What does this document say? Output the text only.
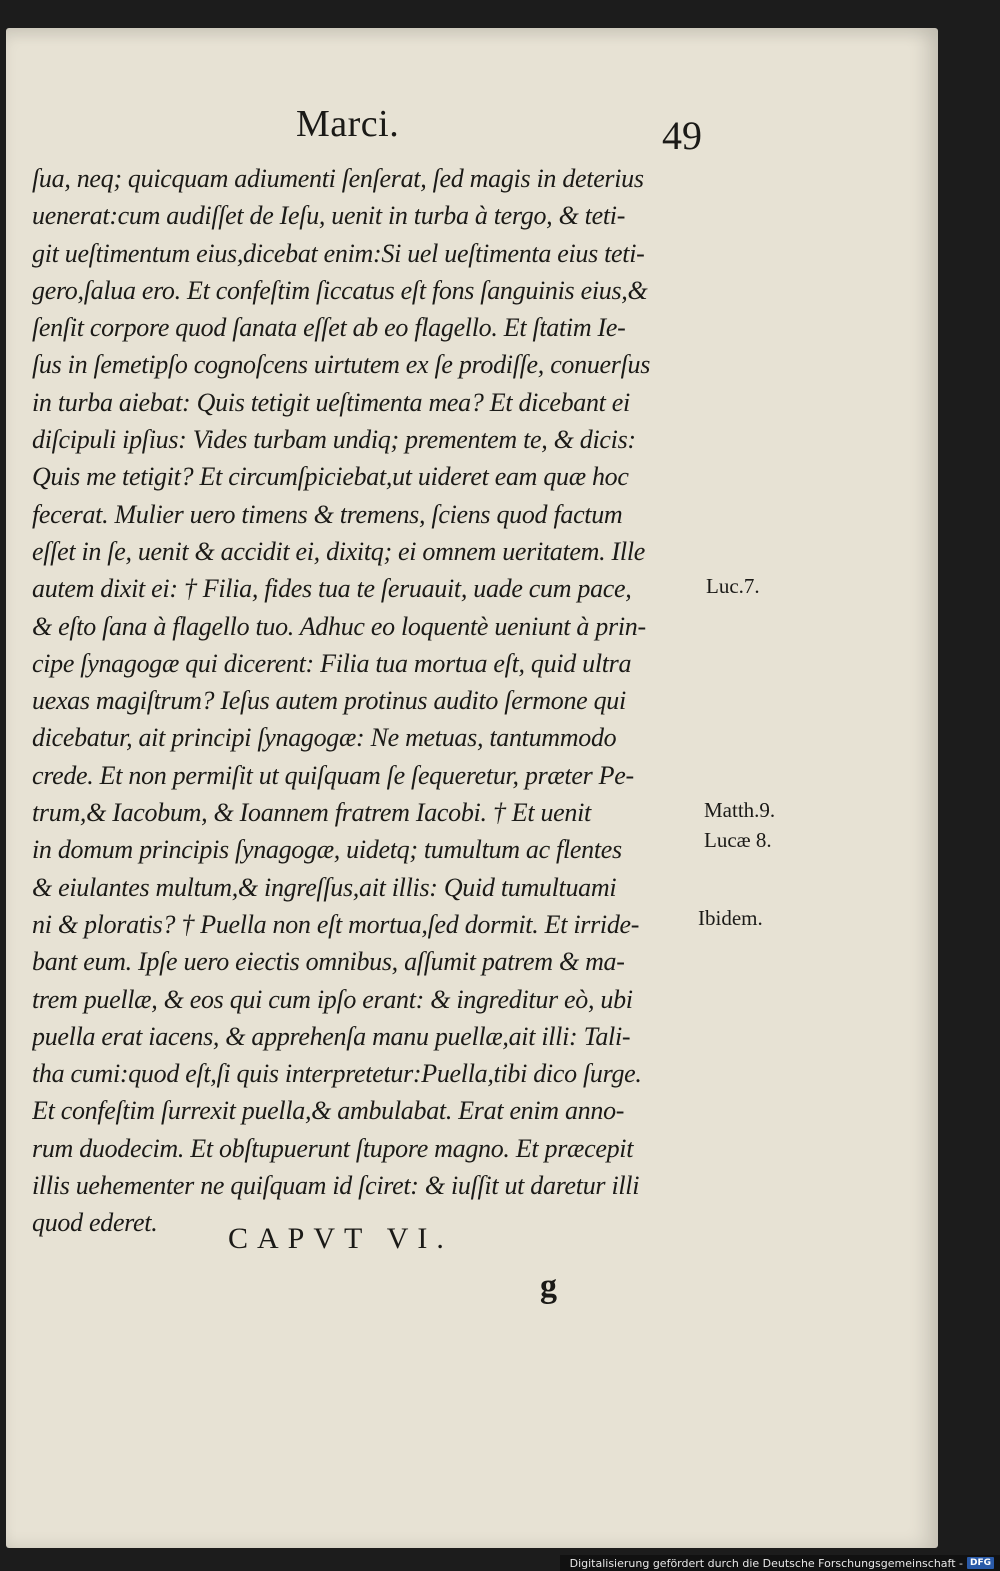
Marci.	49
ſua, neq; quicquam adiumenti ſenſerat, ſed magis in deterius
uenerat:cum audiſſet de Ieſu, uenit in turba à tergo, & teti-
git ueſtimentum eius,dicebat enim:Si uel ueſtimenta eius teti-
gero,ſalua ero. Et confeſtim ſiccatus eſt fons ſanguinis eius,&
ſenſit corpore quod ſanata eſſet ab eo flagello. Et ſtatim Ie-
ſus in ſemetipſo cognoſcens uirtutem ex ſe prodiſſe, conuerſus
in turba aiebat: Quis tetigit ueſtimenta mea? Et dicebant ei
diſcipuli ipſius: Vides turbam undiq; prementem te, & dicis:
Quis me tetigit? Et circumſpiciebat,ut uideret eam quæ hoc
fecerat. Mulier uero timens & tremens, ſciens quod factum
eſſet in ſe, uenit & accidit ei, dixitq; ei omnem ueritatem. Ille
autem dixit ei: † Filia, fides tua te ſeruauit, uade cum pace,
& eſto ſana à flagello tuo. Adhuc eo loquentè ueniunt à prin-
cipe ſynagogæ qui dicerent: Filia tua mortua eſt, quid ultra
uexas magiſtrum? Ieſus autem protinus audito ſermone qui
dicebatur, ait principi ſynagogæ: Ne metuas, tantummodo
crede. Et non permiſit ut quiſquam ſe ſequeretur, præter Pe-
trum,& Iacobum, & Ioannem fratrem Iacobi. † Et uenit
in domum principis ſynagogæ, uidetq; tumultum ac flentes
& eiulantes multum,& ingreſſus,ait illis: Quid tumultuami
ni & ploratis? † Puella non eſt mortua,ſed dormit. Et irride-
bant eum. Ipſe uero eiectis omnibus, aſſumit patrem & ma-
trem puellæ, & eos qui cum ipſo erant: & ingreditur eò, ubi
puella erat iacens, & apprehenſa manu puellæ,ait illi: Tali-
tha cumi:quod eſt,ſi quis interpretetur:Puella,tibi dico ſurge.
Et confeſtim ſurrexit puella,& ambulabat. Erat enim anno-
rum duodecim. Et obſtupuerunt ſtupore magno. Et præcepit
illis uehementer ne quiſquam id ſciret: & iuſſit ut daretur illi
quod ederet.
Luc.7.
Matth.9.
Lucæ 8.
Ibidem.
CAPVT VI.
g
Digitalisierung gefördert durch die Deutsche Forschungsgemeinschaft - DFG
